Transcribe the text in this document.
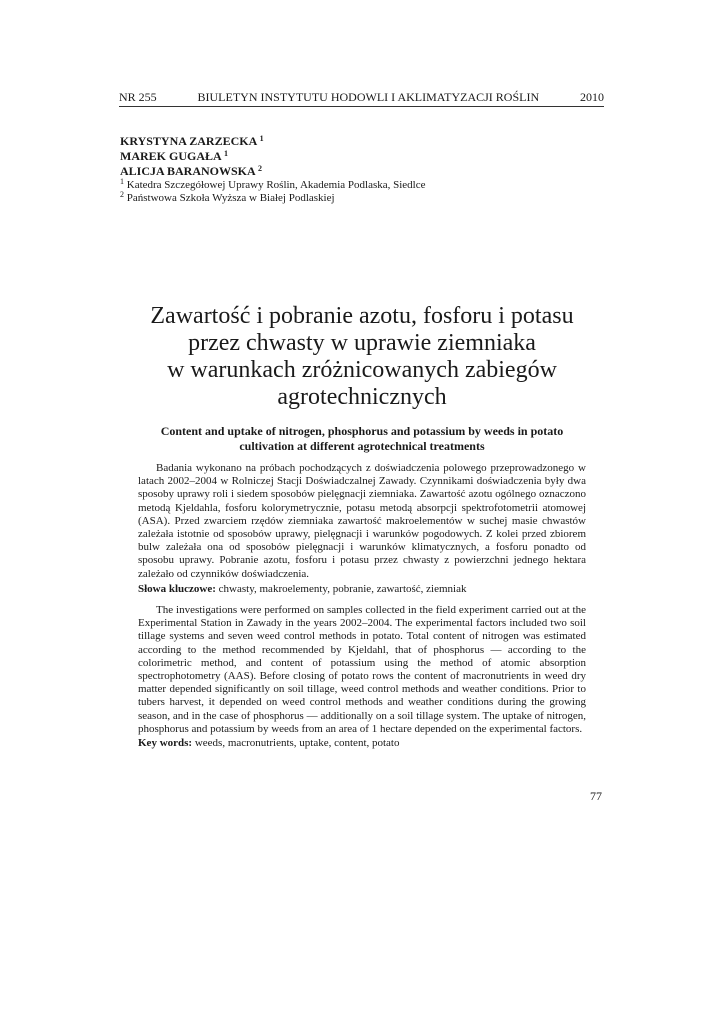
NR 255	BIULETYN INSTYTUTU HODOWLI I AKLIMATYZACJI ROŚLIN	2010
KRYSTYNA ZARZECKA $^1$
MAREK GUGAŁA $^1$
ALICJA BARANOWSKA $^2$
$^1$ Katedra Szczegółowej Uprawy Roślin, Akademia Podlaska, Siedlce
$^2$ Państwowa Szkoła Wyższa w Białej Podlaskiej
Zawartość i pobranie azotu, fosforu i potasu
przez chwasty w uprawie ziemniaka
w warunkach zróżnicowanych zabiegów
agrotechnicznych
Content and uptake of nitrogen, phosphorus and potassium by weeds in potato
cultivation at different agrotechnical treatments

Badania wykonano na próbach pochodzących z doświadczenia polowego przeprowadzonego w latach 2002–2004 w Rolniczej Stacji Doświadczalnej Zawady. Czynnikami doświadczenia były dwa sposoby uprawy roli i siedem sposobów pielęgnacji ziemniaka. Zawartość azotu ogólnego oznaczono metodą Kjeldahla, fosforu kolorymetrycznie, potasu metodą absorpcji spektrofotometrii atomowej (ASA). Przed zwarciem rzędów ziemniaka zawartość makroelementów w suchej masie chwastów zależała istotnie od sposobów uprawy, pielęgnacji i warunków pogodowych. Z kolei przed zbiorem bulw zależała ona od sposobów pielęgnacji i warunków klimatycznych, a fosforu ponadto od sposobu uprawy. Pobranie azotu, fosforu i potasu przez chwasty z powierzchni jednego hektara zależało od czynników doświadczenia.

Słowa kluczowe: chwasty, makroelementy, pobranie, zawartość, ziemniak

The investigations were performed on samples collected in the field experiment carried out at the Experimental Station in Zawady in the years 2002–2004. The experimental factors included two soil tillage systems and seven weed control methods in potato. Total content of nitrogen was estimated according to the method recommended by Kjeldahl, that of phosphorus — according to the colorimetric method, and content of potassium using the method of atomic absorption spectrophotometry (AAS). Before closing of potato rows the content of macronutrients in weed dry matter depended significantly on soil tillage, weed control methods and weather conditions. Prior to tubers harvest, it depended on weed control methods and weather conditions during the growing season, and in the case of phosphorus — additionally on a soil tillage system. The uptake of nitrogen, phosphorus and potassium by weeds from an area of 1 hectare depended on the experimental factors.

Key words: weeds, macronutrients, uptake, content, potato
77
